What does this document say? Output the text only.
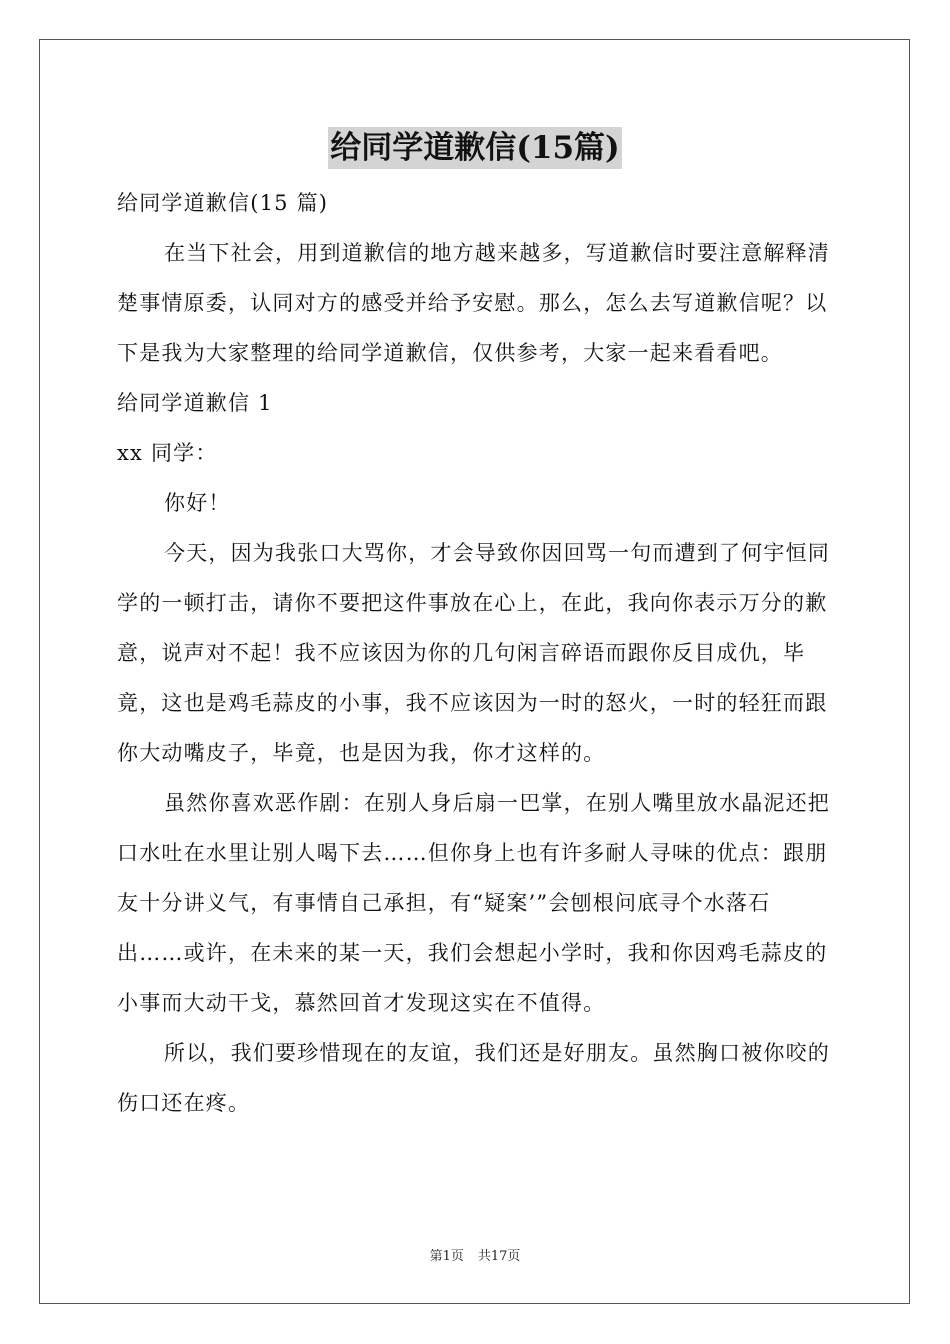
给同学道歉信(15篇)

给同学道歉信(15 篇)

在当下社会，用到道歉信的地方越来越多，写道歉信时要注意解释清楚事情原委，认同对方的感受并给予安慰。那么，怎么去写道歉信呢？以下是我为大家整理的给同学道歉信，仅供参考，大家一起来看看吧。

给同学道歉信 1

xx 同学：

你好！

今天，因为我张口大骂你，才会导致你因回骂一句而遭到了何宇恒同学的一顿打击，请你不要把这件事放在心上，在此，我向你表示万分的歉意，说声对不起！我不应该因为你的几句闲言碎语而跟你反目成仇，毕竟，这也是鸡毛蒜皮的小事，我不应该因为一时的怒火，一时的轻狂而跟你大动嘴皮子，毕竟，也是因为我，你才这样的。

虽然你喜欢恶作剧：在别人身后扇一巴掌，在别人嘴里放水晶泥还把口水吐在水里让别人喝下去……但你身上也有许多耐人寻味的优点：跟朋友十分讲义气，有事情自己承担，有“疑案’”会刨根问底寻个水落石出……或许，在未来的某一天，我们会想起小学时，我和你因鸡毛蒜皮的小事而大动干戈，慕然回首才发现这实在不值得。

所以，我们要珍惜现在的友谊，我们还是好朋友。虽然胸口被你咬的伤口还在疼。

第1页 共17页
